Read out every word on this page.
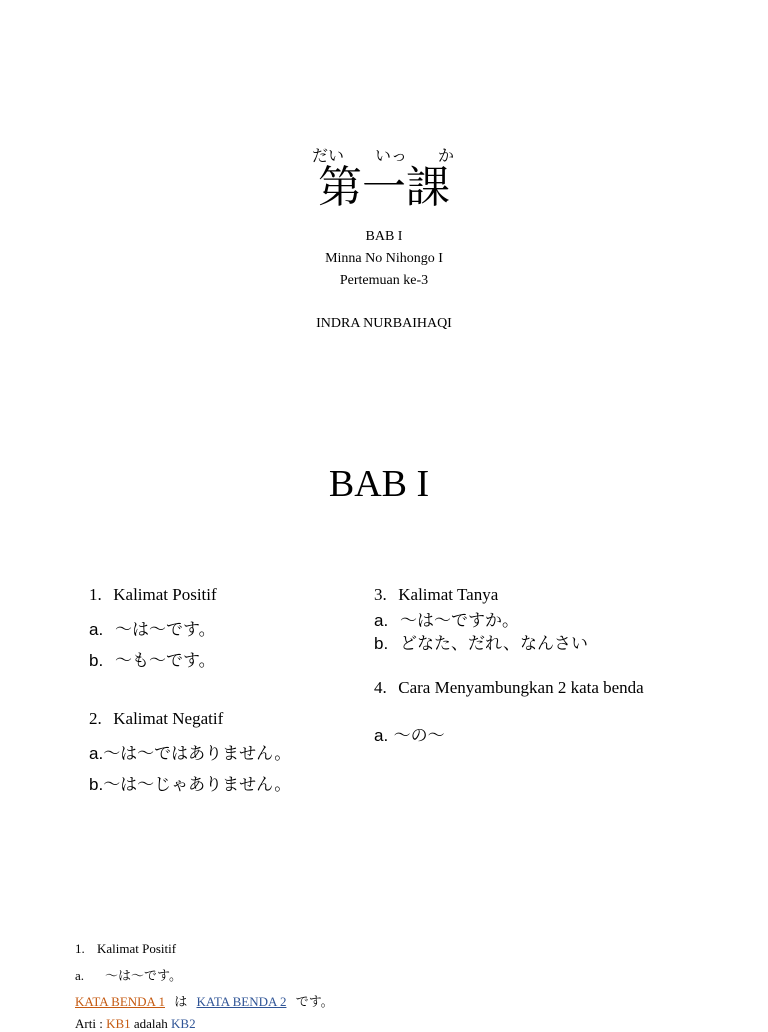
だい いっ か
第一課
BAB I
Minna No Nihongo I
Pertemuan ke-3
INDRA NURBAIHAQI
BAB I
1. Kalimat Positif
a. ～は～です。
b. ～も～です。
2. Kalimat Negatif
a.～は～ではありません。
b.～は～じゃありません。
3. Kalimat Tanya
a. ～は～ですか。
b. どなた、だれ、なんさい
4. Cara Menyambungkan 2 kata benda
a. ～の～
1. Kalimat Positif
a. ～は～です。
KATA BENDA 1 は KATA BENDA 2 です。
Arti : KB1 adalah KB2
